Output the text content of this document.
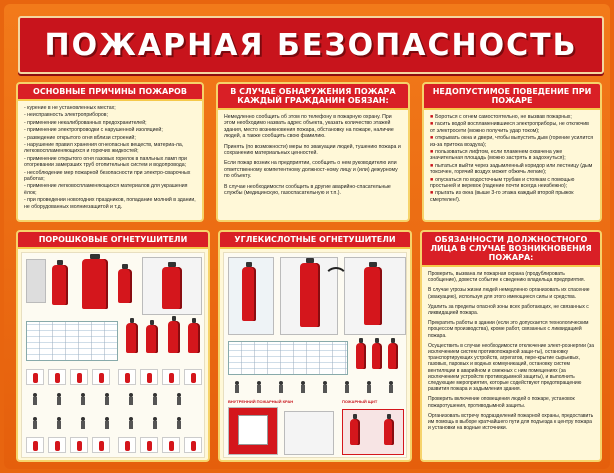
ПОЖАРНАЯ БЕЗОПАСНОСТЬ
ОСНОВНЫЕ ПРИЧИНЫ ПОЖАРОВ
- курение в не установленных местах;
- неисправность электроприборов;
- применение некалиброванных предохранителей;
- применение электропроводки с нарушенной изоляцией;
- разведение открытого огня вблизи строений;
- нарушение правил хранения огнеопасных веществ, материа-ла, легковоспламеняющихся и горючих жидкостей;
- применение открытого огня газовых горелок в паяльных ламп при отогревании замерзших труб отопительных систем и водопровода;
- несоблюдение мер пожарной безопасности при электро-сварочных работах;
- применение легковоспламеняющихся материалов для украшения ёлок;
- при проведении новогодних праздников, попадание молний в здании, не оборудованных молниезащитой и т.д.
В СЛУЧАЕ ОБНАРУЖЕНИЯ ПОЖАРА КАЖДЫЙ ГРАЖДАНИН ОБЯЗАН:

Немедленно сообщить об этом по телефону в пожарную охрану. При этом необходимо назвать адрес объекта, указать количество этажей здания, место возникновения пожара, обстановку на пожаре, наличие людей, а также сообщить свою фамилию.

Принять (по возможности) меры по эвакуации людей, тушению пожара и сохранению материальных ценностей.

Если пожар возник на предприятии, сообщить о нем руководителю или ответственному компетентному должност-ному лицу и (или) дежурному по объекту.

В случае необходимости сообщить в другие аварийно-спасательные службы (медицинскую, газоспасательную и т.п.).

НЕДОПУСТИМОЕ ПОВЕДЕНИЕ ПРИ ПОЖАРЕ
■ Бороться с огнем самостоятельно, не вызвав пожарных;
■ гасить водой воспламенившиеся электроприборы, не отключив от электросети (можно получить удар током);
■ открывать окна и двери, чтобы выпустить дым (горение усилится из-за притока воздуха);
■ пользоваться лифтом, если пламенем охвачена уже значительная площадь (можно застрять в задохнуться);
■ пытаться выйти через задымленный коридор или лестницу (дым токсичен, горячий воздух может обжечь легкие);
■ опускаться по водосточным трубам и стоякам с помощью простыней и веревок (падение почти всегда неизбежно);
■ прыгать из окна (выше 3-го этажа каждый второй прыжок смертелен!).
ПОРОШКОВЫЕ ОГНЕТУШИТЕЛИ	УГЛЕКИСЛОТНЫЕ ОГНЕТУШИТЕЛИ
ВНУТРЕННИЙ ПОЖАРНЫЙ КРАН	ПОЖАРНЫЙ ЩИТ
ОБЯЗАННОСТИ ДОЛЖНОСТНОГО ЛИЦА В СЛУЧАЕ ВОЗНИКНОВЕНИЯ ПОЖАРА:

Проверить, вызвана ли пожарная охрана (продублировать сообщение), довести событие к сведению владельца предприятия.

В случае угрозы жизни людей немедленно организовать их спасение (эвакуацию), используя для этого имеющиеся силы и средства.

Удалить за пределы опасной зоны всех работающих, не связанных с ликвидацией пожара.

Прекратить работы в здании (если это допускается технологическим процессом производства), кроме работ, связанных с ликвидацией пожара.

Осуществить в случае необходимости отключение элект-роэнергии (за исключением систем противопожарной защи-ты), остановку транспортирующих устройств, агрегатов, пере-крытие сырьевых, газовых, паровых и водных коммуникаций, остановку систем вентиляции в аварийном и смежных с ним помещениях (за исключением устройств противодымной защиты), и выполнить следующие мероприятия, которые содействуют предотвращению развития пожара и задымления здания.

Проверить включение оповещения людей о пожаре, установок пожаротушения, противодымной защиты.

Организовать встречу подразделений пожарной охраны, предоставить им помощь в выборе кратчайшего пути для подъезда к центру пожара и установки на водные источники.
